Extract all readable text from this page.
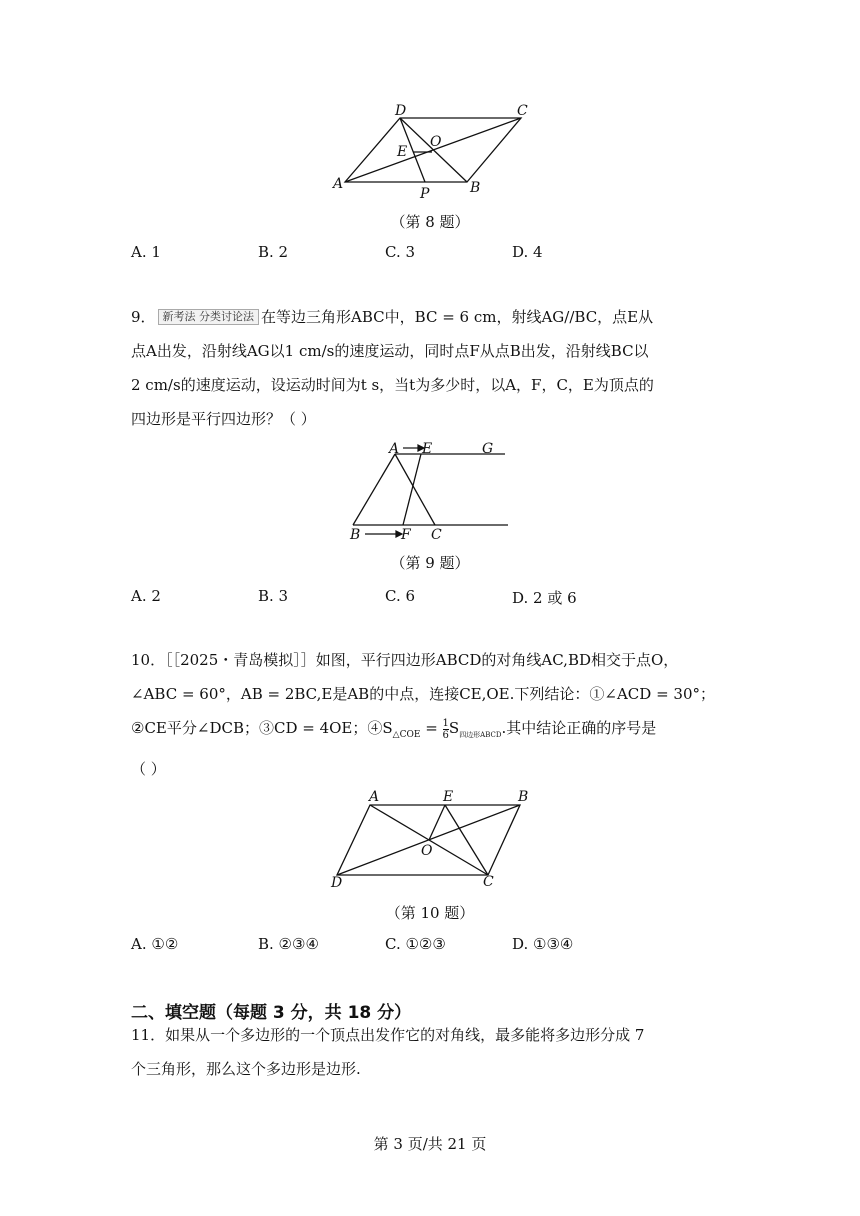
D	C
E
O
A
P	B
（第 8 题）
A. 1	B. 2	C. 3	D. 4
9． 新考法 分类讨论法 在等边三角形ABC中，BC = 6 cm，射线AG//BC，点E从
点A出发，沿射线AG以1 cm/s的速度运动，同时点F从点B出发，沿射线BC以
2 cm/s的速度运动，设运动时间为t s，当t为多少时，以A，F，C，E为顶点的
四边形是平行四边形？（ ）
A E	G
B	F C
（第 9 题）
A. 2	B. 3	C. 6	D. 2 或 6
10．［［2025・青岛模拟］］如图，平行四边形ABCD的对角线AC,BD相交于点O，
∠ABC = 60°，AB = 2BC,E是AB的中点，连接CE,OE.下列结论：①∠ACD = 30°；
②CE平分∠DCB；③CD = 4OE；$④S_{\triangle COE} = \frac{1}{6} S_{四边形ABCD}$.其中结论正确的序号是
（ ）
A	E	B
O
D	C
（第 10 题）
A. ①②	B. ②③④	C. ①②③	D. ①③④
二、填空题（每题 3 分，共 18 分）
11．如果从一个多边形的一个顶点出发作它的对角线，最多能将多边形分成 7
个三角形，那么这个多边形是边形.
第 3 页/共 21 页
